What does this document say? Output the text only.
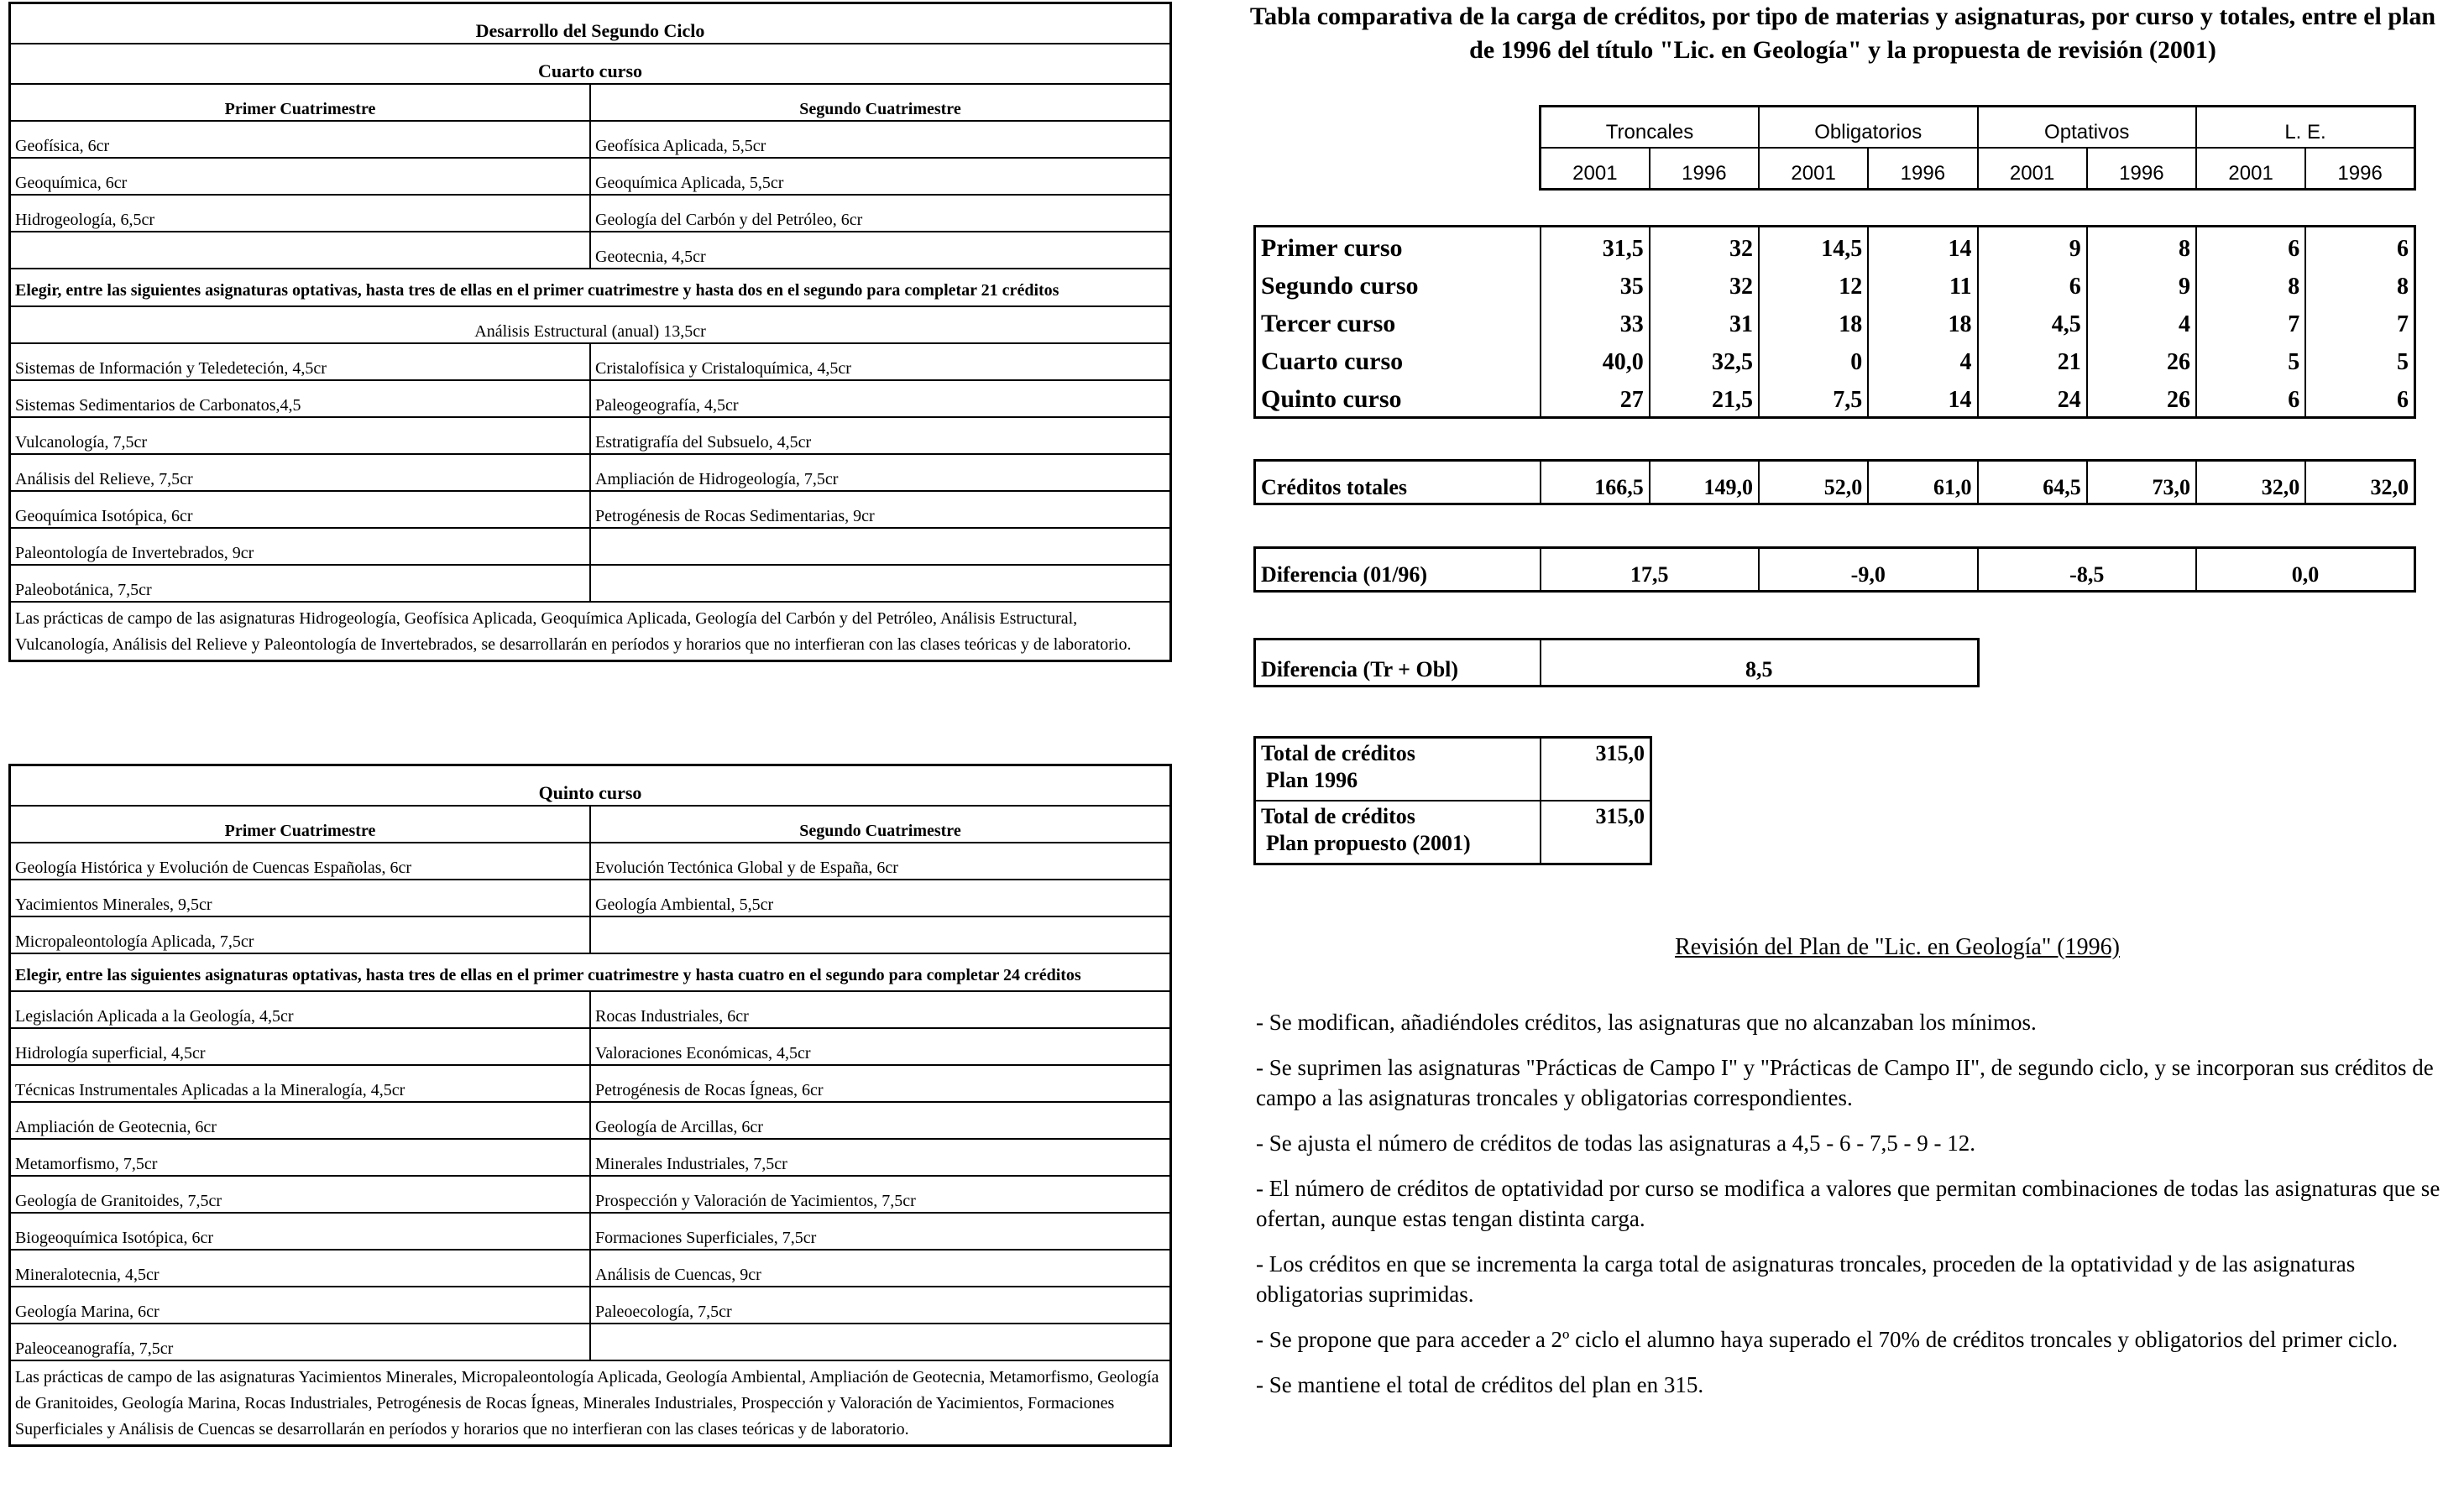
Desarrollo del Segundo Ciclo	
Cuarto curso	
Primer Cuatrimestre	Segundo Cuatrimestre
Geofísica, 6cr	Geofísica Aplicada, 5,5cr
Geoquímica, 6cr	Geoquímica Aplicada, 5,5cr
Hidrogeología, 6,5cr	Geología del Carbón y del Petróleo, 6cr
	Geotecnia, 4,5cr
Elegir, entre las siguientes asignaturas optativas, hasta tres de ellas en el primer cuatrimestre y hasta dos en el segundo para completar 21 créditos	
Análisis Estructural (anual) 13,5cr	
Sistemas de Información y Teledeteción, 4,5cr	Cristalofísica y Cristaloquímica, 4,5cr
Sistemas Sedimentarios de Carbonatos,4,5	Paleogeografía, 4,5cr
Vulcanología, 7,5cr	Estratigrafía del Subsuelo, 4,5cr
Análisis del Relieve, 7,5cr	Ampliación de Hidrogeología, 7,5cr
Geoquímica Isotópica, 6cr	Petrogénesis de Rocas Sedimentarias, 9cr
Paleontología de Invertebrados, 9cr	
Paleobotánica, 7,5cr	
Las prácticas de campo de las asignaturas Hidrogeología, Geofísica Aplicada, Geoquímica Aplicada, Geología del Carbón y del Petróleo, Análisis Estructural, Vulcanología, Análisis del Relieve y Paleontología de Invertebrados, se desarrollarán en períodos y horarios que no interfieran con las clases teóricas y de laboratorio.	
Quinto curso	
Primer Cuatrimestre	Segundo Cuatrimestre
Geología Histórica y Evolución de Cuencas Españolas, 6cr	Evolución Tectónica Global y de España, 6cr
Yacimientos Minerales, 9,5cr	Geología Ambiental, 5,5cr
Micropaleontología Aplicada, 7,5cr	
Elegir, entre las siguientes asignaturas optativas, hasta tres de ellas en el primer cuatrimestre y hasta cuatro en el segundo para completar 24 créditos	
Legislación Aplicada a la Geología, 4,5cr	Rocas Industriales, 6cr
Hidrología superficial, 4,5cr	Valoraciones Económicas, 4,5cr
Técnicas Instrumentales Aplicadas a la Mineralogía, 4,5cr	Petrogénesis de Rocas Ígneas, 6cr
Ampliación de Geotecnia, 6cr	Geología de Arcillas, 6cr
Metamorfismo, 7,5cr	Minerales Industriales, 7,5cr
Geología de Granitoides, 7,5cr	Prospección y Valoración de Yacimientos, 7,5cr
Biogeoquímica Isotópica, 6cr	Formaciones Superficiales, 7,5cr
Mineralotecnia, 4,5cr	Análisis de Cuencas, 9cr
Geología Marina, 6cr	Paleoecología, 7,5cr
Paleoceanografía, 7,5cr	
Las prácticas de campo de las asignaturas Yacimientos Minerales, Micropaleontología Aplicada, Geología Ambiental, Ampliación de Geotecnia, Metamorfismo, Geología de Granitoides, Geología Marina, Rocas Industriales, Petrogénesis de Rocas Ígneas, Minerales Industriales, Prospección y Valoración de Yacimientos, Formaciones Superficiales y Análisis de Cuencas se desarrollarán en períodos y horarios que no interfieran con las clases teóricas y de laboratorio.	
Tabla comparativa de la carga de créditos, por tipo de materias y asignaturas, por curso y totales, entre el plan de 1996 del título "Lic. en Geología" y la propuesta de revisión (2001)
Troncales		Obligatorios		Optativos		L. E.	
2001	1996	2001	1996	2001	1996	2001	1996
Primer curso	31,5	32	14,5	14	9	8	6	6
Segundo curso	35	32	12	11	6	9	8	8
Tercer curso	33	31	18	18	4,5	4	7	7
Cuarto curso	40,0	32,5	0	4	21	26	5	5
Quinto curso	27	21,5	7,5	14	24	26	6	6
Créditos totales	166,5	149,0	52,0	61,0	64,5	73,0	32,0	32,0
Diferencia (01/96)	17,5	-9,0	-8,5	0,0
Diferencia (Tr + Obl)	8,5
Total de créditos
Plan 1996	315,0

Total de créditos
Plan propuesto (2001)	315,0
Revisión del Plan de "Lic. en Geología" (1996)
- Se modifican, añadiéndoles créditos, las asignaturas que no alcanzaban los mínimos.
- Se suprimen las asignaturas "Prácticas de Campo I" y "Prácticas de Campo II", de segundo ciclo, y se incorporan sus créditos de campo a las asignaturas troncales y obligatorias correspondientes.
- Se ajusta el número de créditos de todas las asignaturas a 4,5 - 6 - 7,5 - 9 - 12.
- El número de créditos de optatividad por curso se modifica a valores que permitan combinaciones de todas las asignaturas que se ofertan, aunque estas tengan distinta carga.
- Los créditos en que se incrementa la carga total de asignaturas troncales, proceden de la optatividad y de las asignaturas obligatorias suprimidas.
- Se propone que para acceder a 2º ciclo el alumno haya superado el 70% de créditos troncales y obligatorios del primer ciclo.
- Se mantiene el total de créditos del plan en 315.
